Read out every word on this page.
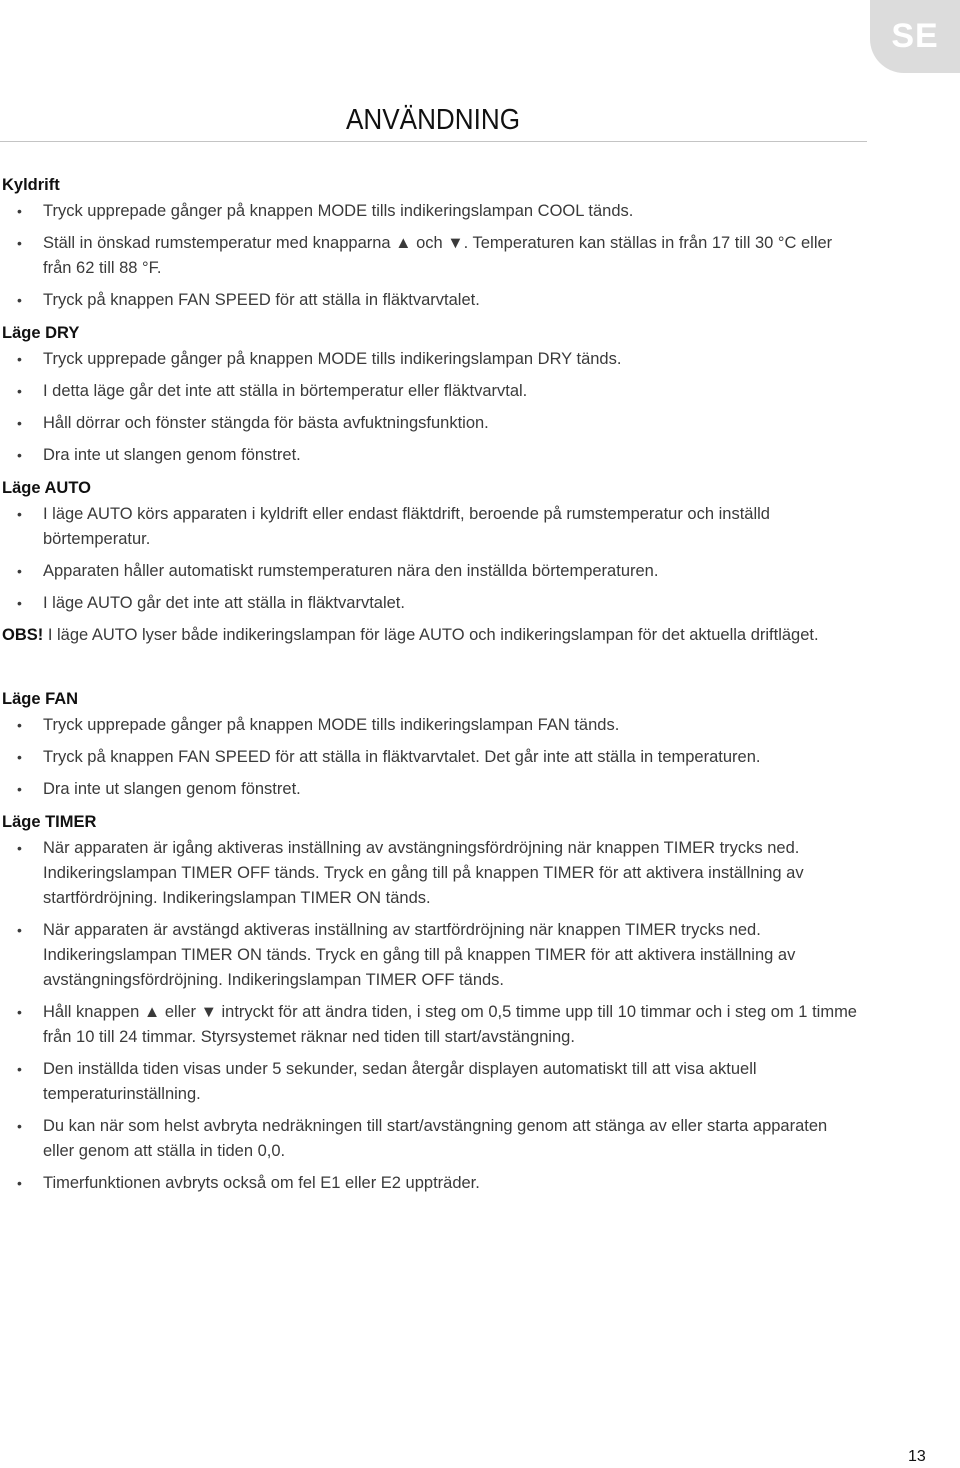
SE
ANVÄNDNING
Kyldrift
• Tryck upprepade gånger på knappen MODE tills indikeringslampan COOL tänds.
• Ställ in önskad rumstemperatur med knapparna ▲ och ▼. Temperaturen kan ställas in från 17 till 30 °C eller från 62 till 88 °F.
• Tryck på knappen FAN SPEED för att ställa in fläktvarvtalet.
Läge DRY
• Tryck upprepade gånger på knappen MODE tills indikeringslampan DRY tänds.
• I detta läge går det inte att ställa in börtemperatur eller fläktvarvtal.
• Håll dörrar och fönster stängda för bästa avfuktningsfunktion.
• Dra inte ut slangen genom fönstret.
Läge AUTO
• I läge AUTO körs apparaten i kyldrift eller endast fläktdrift, beroende på rumstemperatur och inställd börtemperatur.
• Apparaten håller automatiskt rumstemperaturen nära den inställda börtemperaturen.
• I läge AUTO går det inte att ställa in fläktvarvtalet.

OBS! I läge AUTO lyser både indikeringslampan för läge AUTO och indikeringslampan för det aktuella driftläget.

Läge FAN
• Tryck upprepade gånger på knappen MODE tills indikeringslampan FAN tänds.
• Tryck på knappen FAN SPEED för att ställa in fläktvarvtalet. Det går inte att ställa in temperaturen.
• Dra inte ut slangen genom fönstret.
Läge TIMER
• När apparaten är igång aktiveras inställning av avstängningsfördröjning när knappen TIMER trycks ned. Indikeringslampan TIMER OFF tänds. Tryck en gång till på knappen TIMER för att aktivera inställning av startfördröjning. Indikeringslampan TIMER ON tänds.
• När apparaten är avstängd aktiveras inställning av startfördröjning när knappen TIMER trycks ned. Indikeringslampan TIMER ON tänds. Tryck en gång till på knappen TIMER för att aktivera inställning av avstängningsfördröjning. Indikeringslampan TIMER OFF tänds.
• Håll knappen ▲ eller ▼ intryckt för att ändra tiden, i steg om 0,5 timme upp till 10 timmar och i steg om 1 timme från 10 till 24 timmar. Styrsystemet räknar ned tiden till start/avstängning.
• Den inställda tiden visas under 5 sekunder, sedan återgår displayen automatiskt till att visa aktuell temperaturinställning.
• Du kan när som helst avbryta nedräkningen till start/avstängning genom att stänga av eller starta apparaten eller genom att ställa in tiden 0,0.
• Timerfunktionen avbryts också om fel E1 eller E2 uppträder.
13
